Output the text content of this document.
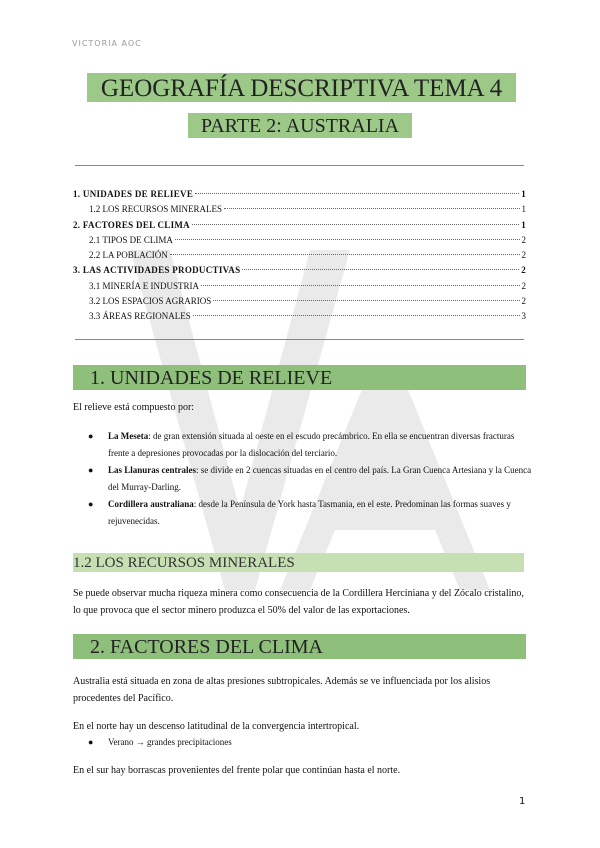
VICTORIA AOC
GEOGRAFÍA DESCRIPTIVA TEMA 4
PARTE 2: AUSTRALIA
1. UNIDADES DE RELIEVE	1
1.2 LOS RECURSOS MINERALES	1
2. FACTORES DEL CLIMA	1
2.1 TIPOS DE CLIMA	2
2.2 LA POBLACIÓN	2
3. LAS ACTIVIDADES PRODUCTIVAS	2
3.1 MINERÍA E INDUSTRIA	2
3.2 LOS ESPACIOS AGRARIOS	2
3.3 ÁREAS REGIONALES	3
1. UNIDADES DE RELIEVE
El relieve está compuesto por:
● La Meseta: de gran extensión situada al oeste en el escudo precámbrico. En ella se encuentran diversas fracturas frente a depresiones provocadas por la dislocación del terciario.
● Las Llanuras centrales: se divide en 2 cuencas situadas en el centro del país. La Gran Cuenca Artesiana y la Cuenca del Murray-Darling.
● Cordillera australiana: desde la Península de York hasta Tasmania, en el este. Predominan las formas suaves y rejuvenecidas.
1.2 LOS RECURSOS MINERALES
Se puede observar mucha riqueza minera como consecuencia de la Cordillera Herciniana y del Zócalo cristalino, lo que provoca que el sector minero produzca el 50% del valor de las exportaciones.
2. FACTORES DEL CLIMA
Australia está situada en zona de altas presiones subtropicales. Además se ve influenciada por los alisios procedentes del Pacífico.
En el norte hay un descenso latitudinal de la convergencia intertropical.
● Verano → grandes precipitaciones
En el sur hay borrascas provenientes del frente polar que continúan hasta el norte.
1
